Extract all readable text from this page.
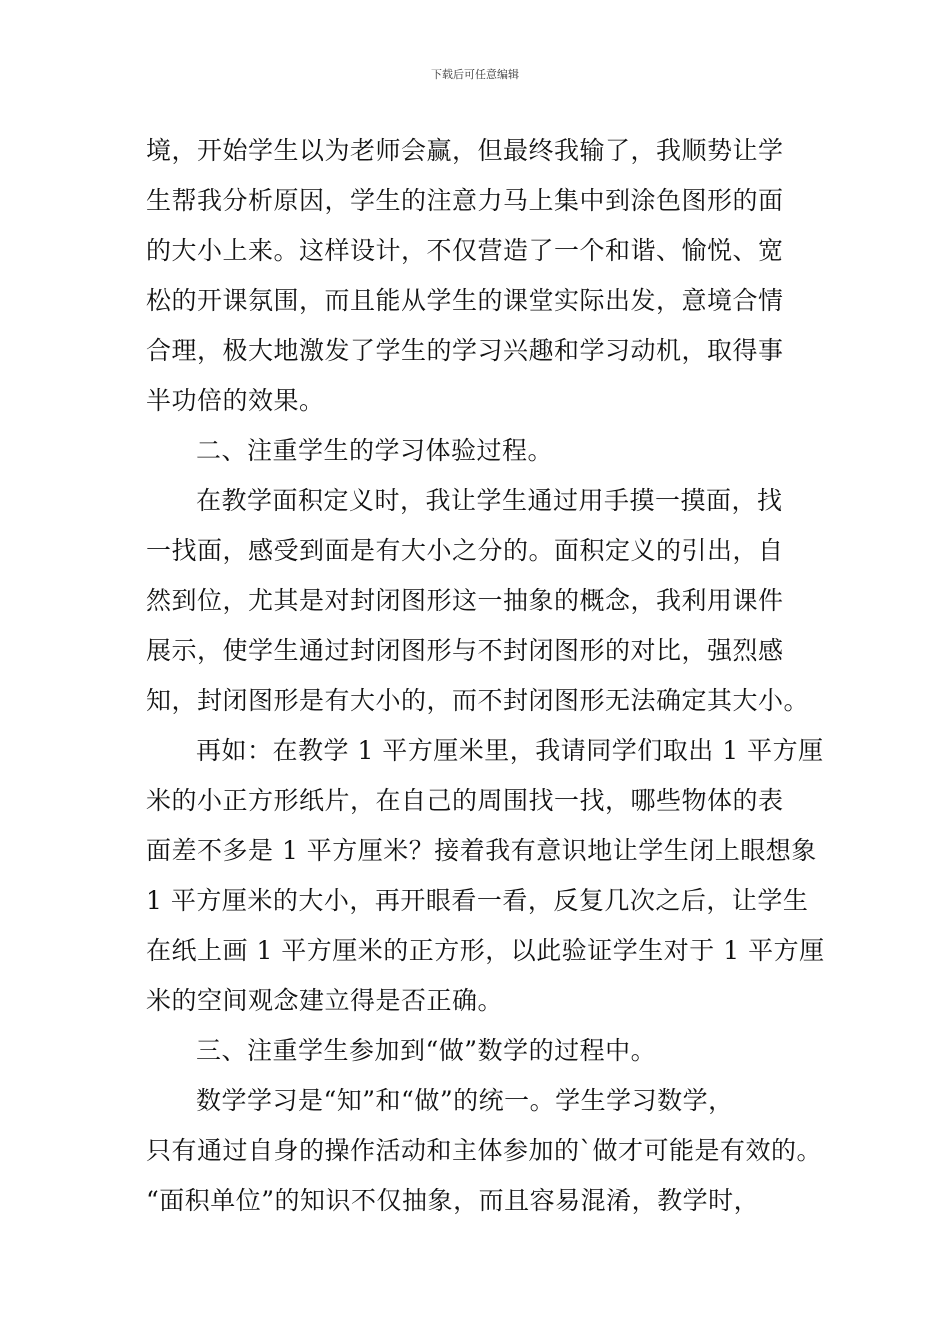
下载后可任意编辑
境，开始学生以为老师会赢，但最终我输了，我顺势让学
生帮我分析原因，学生的注意力马上集中到涂色图形的面
的大小上来。这样设计，不仅营造了一个和谐、愉悦、宽
松的开课氛围，而且能从学生的课堂实际出发，意境合情
合理，极大地激发了学生的学习兴趣和学习动机，取得事
半功倍的效果。
二、注重学生的学习体验过程。
在教学面积定义时，我让学生通过用手摸一摸面，找
一找面，感受到面是有大小之分的。面积定义的引出，自
然到位，尤其是对封闭图形这一抽象的概念，我利用课件
展示，使学生通过封闭图形与不封闭图形的对比，强烈感
知，封闭图形是有大小的，而不封闭图形无法确定其大小。
再如：在教学 1 平方厘米里，我请同学们取出 1 平方厘
米的小正方形纸片，在自己的周围找一找，哪些物体的表
面差不多是 1 平方厘米？接着我有意识地让学生闭上眼想象
1 平方厘米的大小，再开眼看一看，反复几次之后，让学生
在纸上画 1 平方厘米的正方形，以此验证学生对于 1 平方厘
米的空间观念建立得是否正确。
三、注重学生参加到“做”数学的过程中。
数学学习是“知”和“做”的统一。学生学习数学，
只有通过自身的操作活动和主体参加的`做才可能是有效的。
“面积单位”的知识不仅抽象，而且容易混淆，教学时，
